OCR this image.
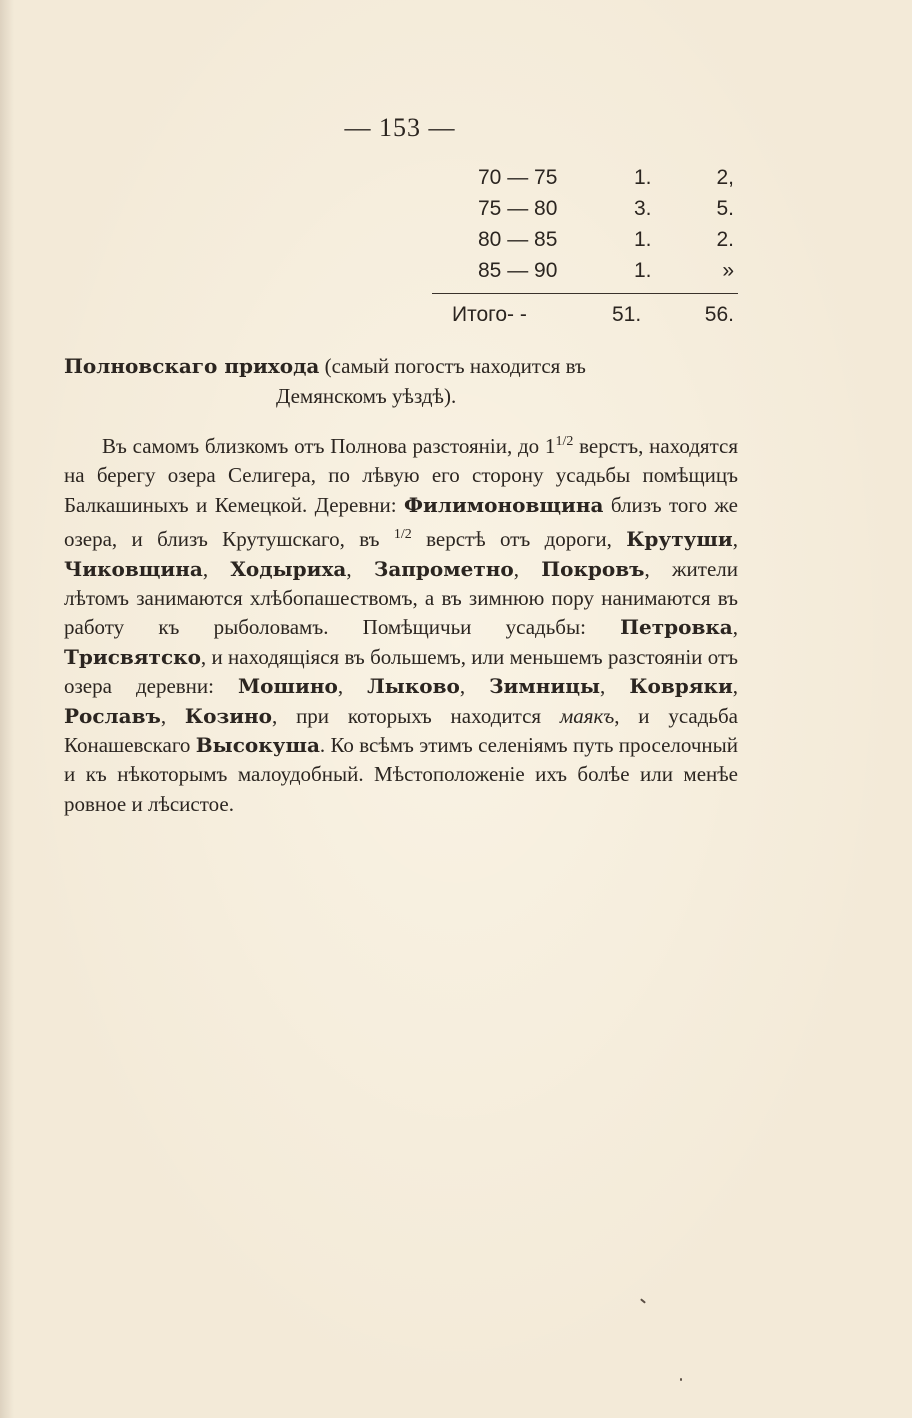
— 153 —
70 — 75	1.	2,
75 — 80	3.	5.
80 — 85	1.	2.
85 — 90	1.	»
Итого- -	51.	56.
Полновскаго прихода (самый погостъ находится въ
Демянскомъ уѣздѣ).
Въ самомъ близкомъ отъ Полнова разстояніи, до $1^{1/2}$ верстъ, находятся на берегу озера Селигера, по лѣвую его сторону усадьбы помѣщицъ Балкашиныхъ и Кемецкой. Деревни: Филимоновщина близъ того же озера, и близъ Крутушскаго, въ $^{1/2}$ верстѣ отъ дороги, Крутуши, Чиковщина, Ходыриха, Запрометно, Покровъ, жители лѣтомъ занимаются хлѣбопашествомъ, а въ зимнюю пору нанимаются въ работу къ рыболовамъ. Помѣщичьи усадьбы: Петровка, Трисвятско, и находящіяся въ большемъ, или меньшемъ разстояніи отъ озера деревни: Мошино, Лыково, Зимницы, Ковряки, Рославъ, Козино, при которыхъ находится маякъ, и усадьба Конашевскаго Высокуша. Ко всѣмъ этимъ селеніямъ путь проселочный и къ нѣкоторымъ малоудобный. Мѣстоположеніе ихъ болѣе или менѣе ровное и лѣсистое.
